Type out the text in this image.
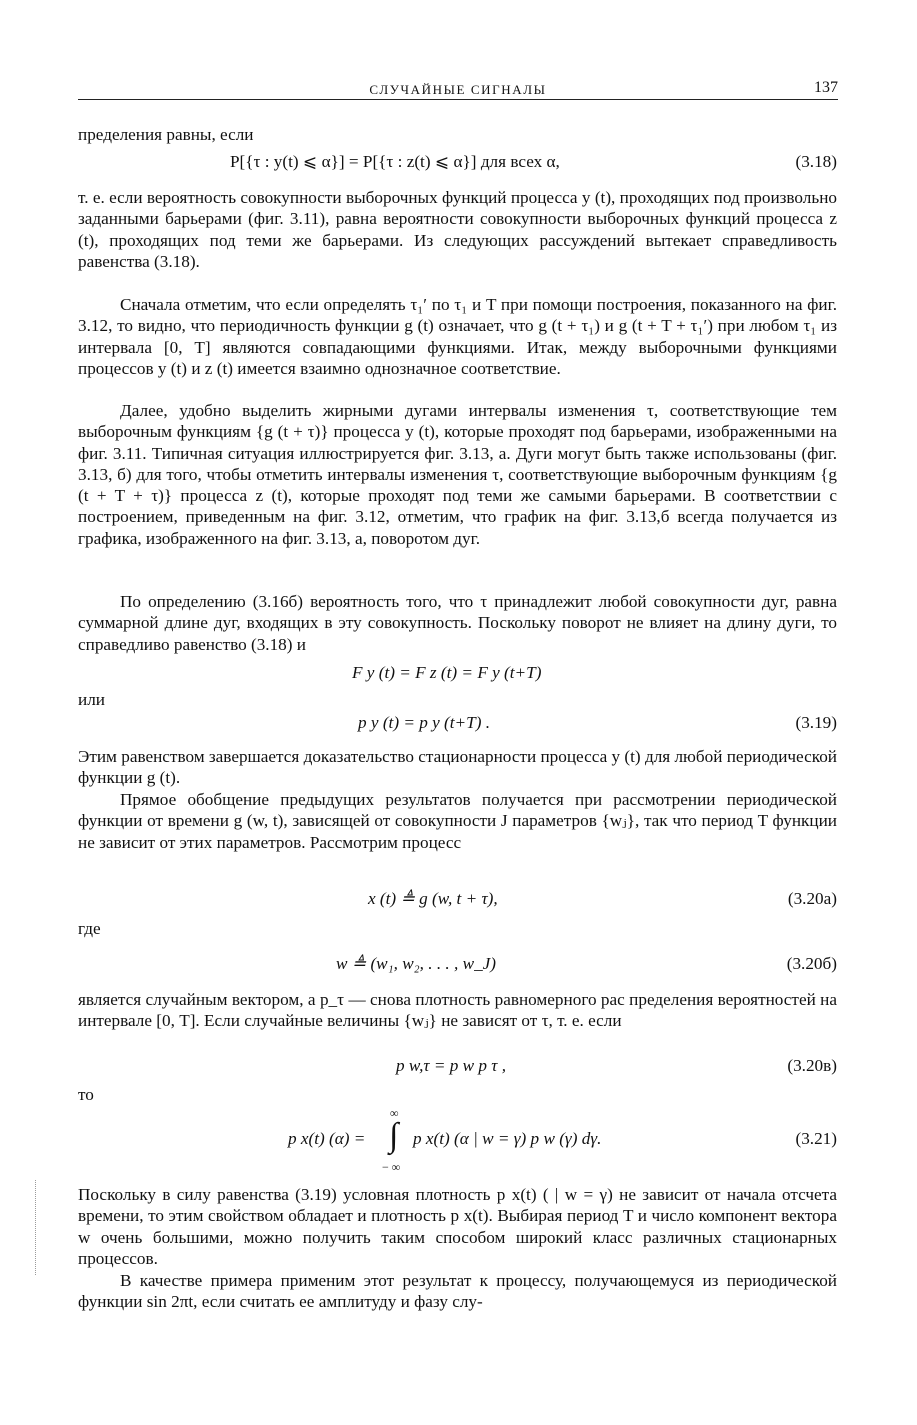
СЛУЧАЙНЫЕ СИГНАЛЫ	137

пределения равны, если

P[{τ : y(t) ⩽ α}] = P[{τ : z(t) ⩽ α}] для всех α,	(3.18)

т. е. если вероятность совокупности выборочных функций процесса y (t), проходящих под произвольно заданными барьерами (фиг. 3.11), равна вероятности совокупности выборочных функций процесса z (t), проходящих под теми же барьерами. Из следующих рассуждений вытекает справедливость равенства (3.18).

Сначала отметим, что если определять τ₁′ по τ₁ и T при помощи построения, показанного на фиг. 3.12, то видно, что периодичность функции g (t) означает, что g (t + τ₁) и g (t + T + τ₁′) при любом τ₁ из интервала [0, T] являются совпадающими функциями. Итак, между выборочными функциями процессов y (t) и z (t) имеется взаимно однозначное соответствие.

Далее, удобно выделить жирными дугами интервалы изменения τ, соответствующие тем выборочным функциям {g (t + τ)} процесса y (t), которые проходят под барьерами, изображенными на фиг. 3.11. Типичная ситуация иллюстрируется фиг. 3.13, а. Дуги могут быть также использованы (фиг. 3.13, б) для того, чтобы отметить интервалы изменения τ, соответствующие выборочным функциям {g (t + T + τ)} процесса z (t), которые проходят под теми же самыми барьерами. В соответствии с построением, приведенным на фиг. 3.12, отметим, что график на фиг. 3.13,б всегда получается из графика, изображенного на фиг. 3.13, а, поворотом дуг.

По определению (3.16б) вероятность того, что τ принадлежит любой совокупности дуг, равна суммарной длине дуг, входящих в эту совокупность. Поскольку поворот не влияет на длину дуги, то справедливо равенство (3.18) и

F y (t) = F z (t) = F y (t+T)
или
p y (t) = p y (t+T) .	(3.19)

Этим равенством завершается доказательство стационарности процесса y (t) для любой периодической функции g (t).

Прямое обобщение предыдущих результатов получается при рассмотрении периодической функции от времени g (w, t), зависящей от совокупности J параметров {wⱼ}, так что период T функции не зависит от этих параметров. Рассмотрим процесс

x (t) ≜ g (w, t + τ),	(3.20а)
где
w ≜ (w₁, w₂, . . . , w_J)	(3.20б)

является случайным вектором, а p_τ — снова плотность равномерного рас пределения вероятностей на интервале [0, T]. Если случайные величины {wⱼ} не зависят от τ, т. е. если

p w,τ = p w p τ ,	(3.20в)
то
∞
p x(t) (α) = ∫ p x(t) (α | w = γ) p w (γ) dγ.
− ∞
(3.21)

Поскольку в силу равенства (3.19) условная плотность p x(t) ( | w = γ) не зависит от начала отсчета времени, то этим свойством обладает и плотность p x(t). Выбирая период T и число компонент вектора w очень большими, можно получить таким способом широкий класс различных стационарных процессов.

В качестве примера применим этот результат к процессу, получающемуся из периодической функции sin 2πt, если считать ее амплитуду и фазу слу-
